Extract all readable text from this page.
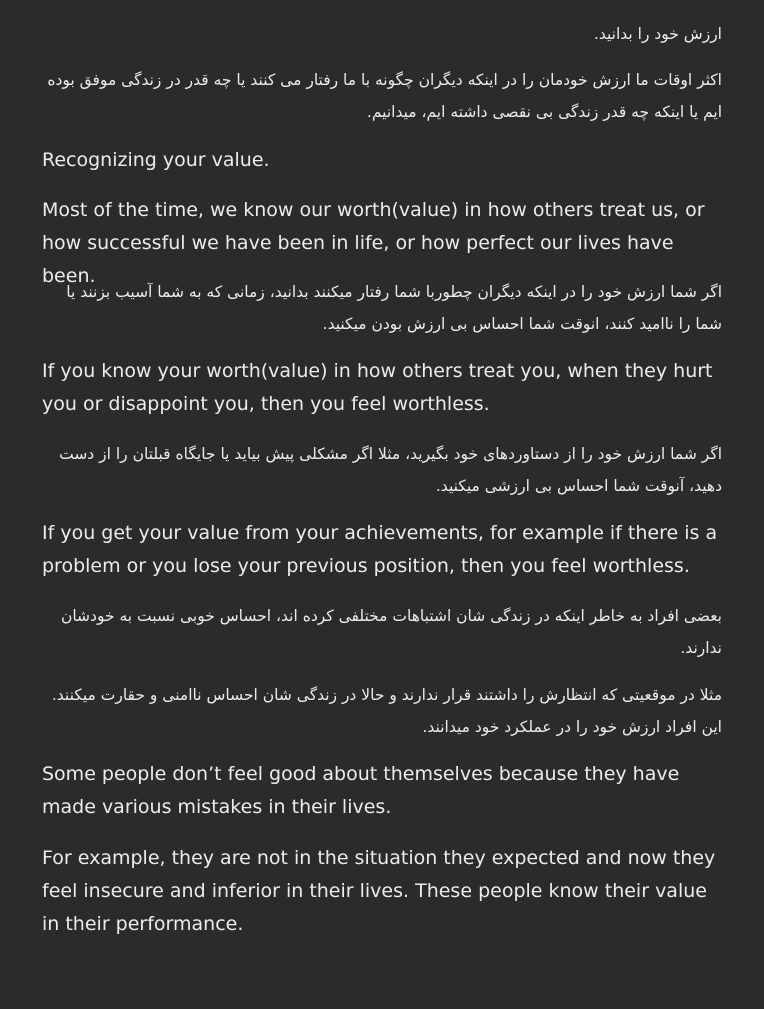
ارزش خود را بدانید.

اکثر اوقات ما ارزش خودمان را در اینکه دیگران چگونه با ما رفتار می کنند یا چه قدر در زندگی موفق بوده ایم یا اینکه چه قدر زندگی بی نقصی داشته ایم، میدانیم.

Recognizing your value.

Most of the time, we know our worth(value) in how others treat us, or how successful we have been in life, or how perfect our lives have been.

اگر شما ارزش خود را در اینکه دیگران چطوربا شما رفتار میکنند بدانید، زمانی که به شما آسیب بزنند یا شما را ناامید کنند، انوقت شما احساس بی ارزش بودن میکنید.

If you know your worth(value) in how others treat you, when they hurt you or disappoint you, then you feel worthless.

اگر شما ارزش خود را از دستاوردهای خود بگیرید، مثلا اگر مشکلی پیش بیاید یا جایگاه قبلتان را از دست دهید، آنوقت شما احساس بی ارزشی میکنید.

If you get your value from your achievements, for example if there is a problem or you lose your previous position, then you feel worthless.

بعضی افراد به خاطر اینکه در زندگی شان اشتباهات مختلفی کرده اند، احساس خوبی نسبت به خودشان ندارند.

مثلا در موقعیتی که انتظارش را داشتند قرار ندارند و حالا در زندگی شان احساس ناامنی و حقارت میکنند. این افراد ارزش خود را در عملکرد خود میدانند.

Some people don’t feel good about themselves because they have made various mistakes in their lives.

For example, they are not in the situation they expected and now they feel insecure and inferior in their lives. These people know their value in their performance.
